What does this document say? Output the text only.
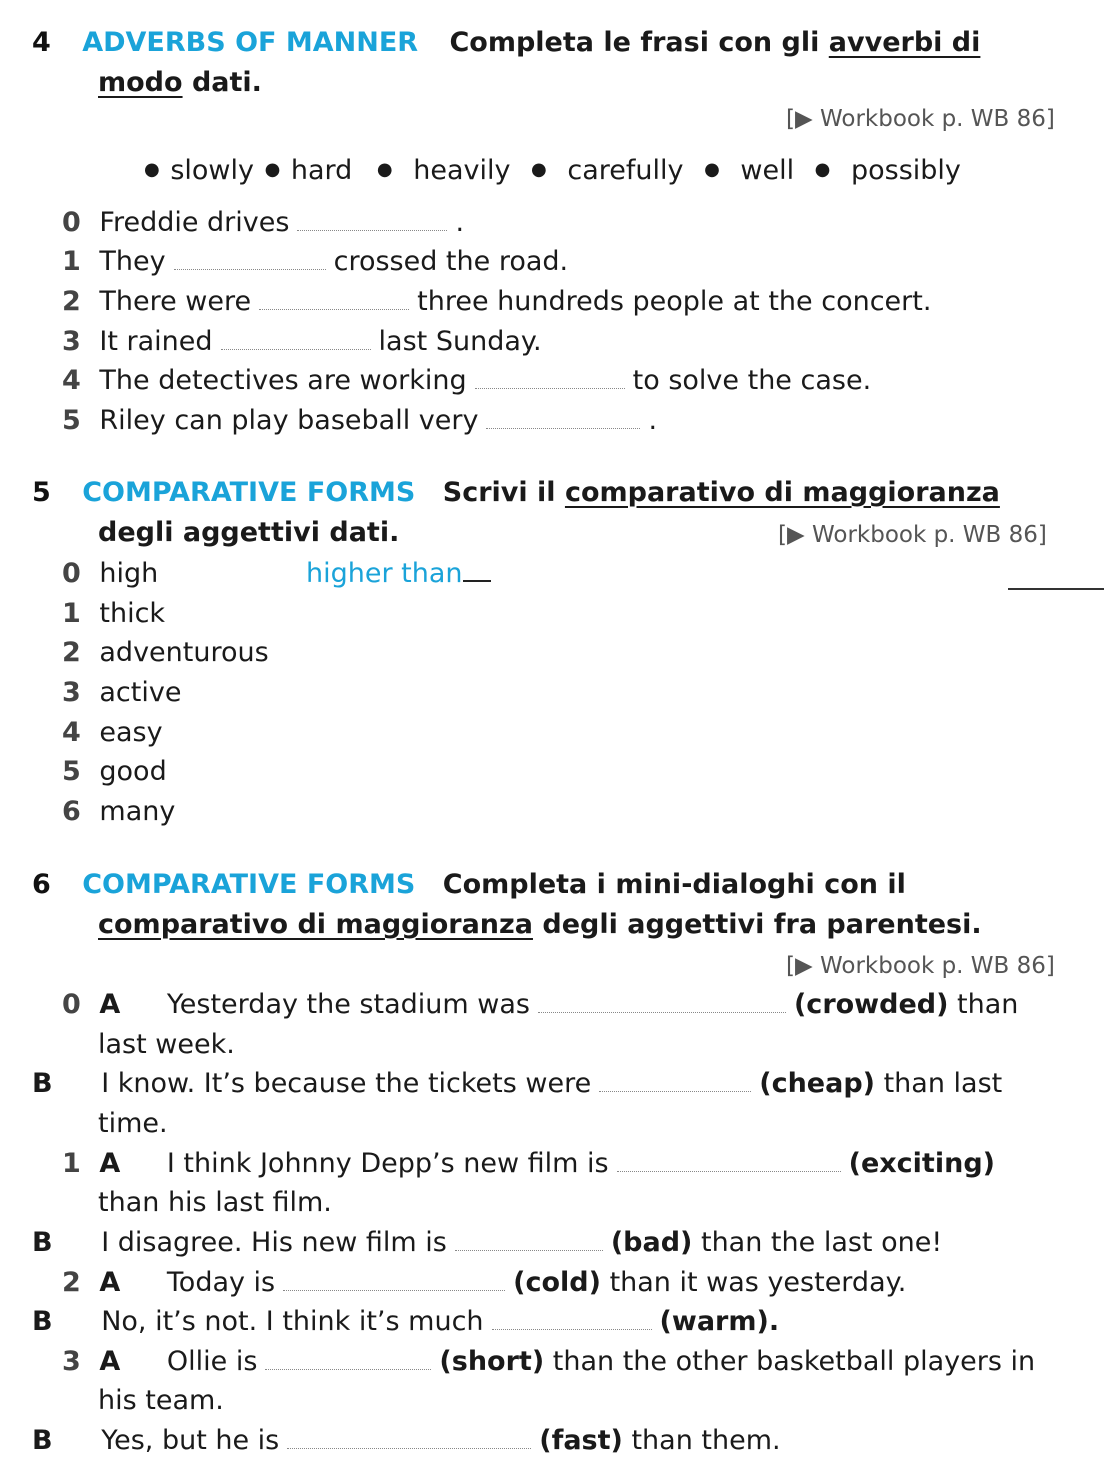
4 ADVERBS OF MANNER Completa le frasi con gli avverbi di
modo dati.
[▶ Workbook p. WB 86]
● slowly ● hard ● heavily ● carefully ● well ● possibly
0 Freddie drives	.
1 They	crossed the road.
2 There were	three hundreds people at the concert.
3 It rained	last Sunday.
4 The detectives are working	to solve the case.
5 Riley can play baseball very	.
5 COMPARATIVE FORMS Scrivi il comparativo di maggioranza
degli aggettivi dati.	[▶ Workbook p. WB 86]
0 high	higher than
1 thick
2 adventurous
3 active
4 easy
5 good
6 many
6 COMPARATIVE FORMS Completa i mini-dialoghi con il
comparativo di maggioranza degli aggettivi fra parentesi.
[▶ Workbook p. WB 86]
0 A Yesterday the stadium was	(crowded) than
last week.
B I know. It’s because the tickets were	(cheap) than last
time.
1 A I think Johnny Depp’s new film is	(exciting)
than his last film.
B I disagree. His new film is	(bad) than the last one!
2 A Today is	(cold) than it was yesterday.
B No, it’s not. I think it’s much	(warm).
3 A Ollie is	(short) than the other basketball players in
his team.
B Yes, but he is	(fast) than them.
